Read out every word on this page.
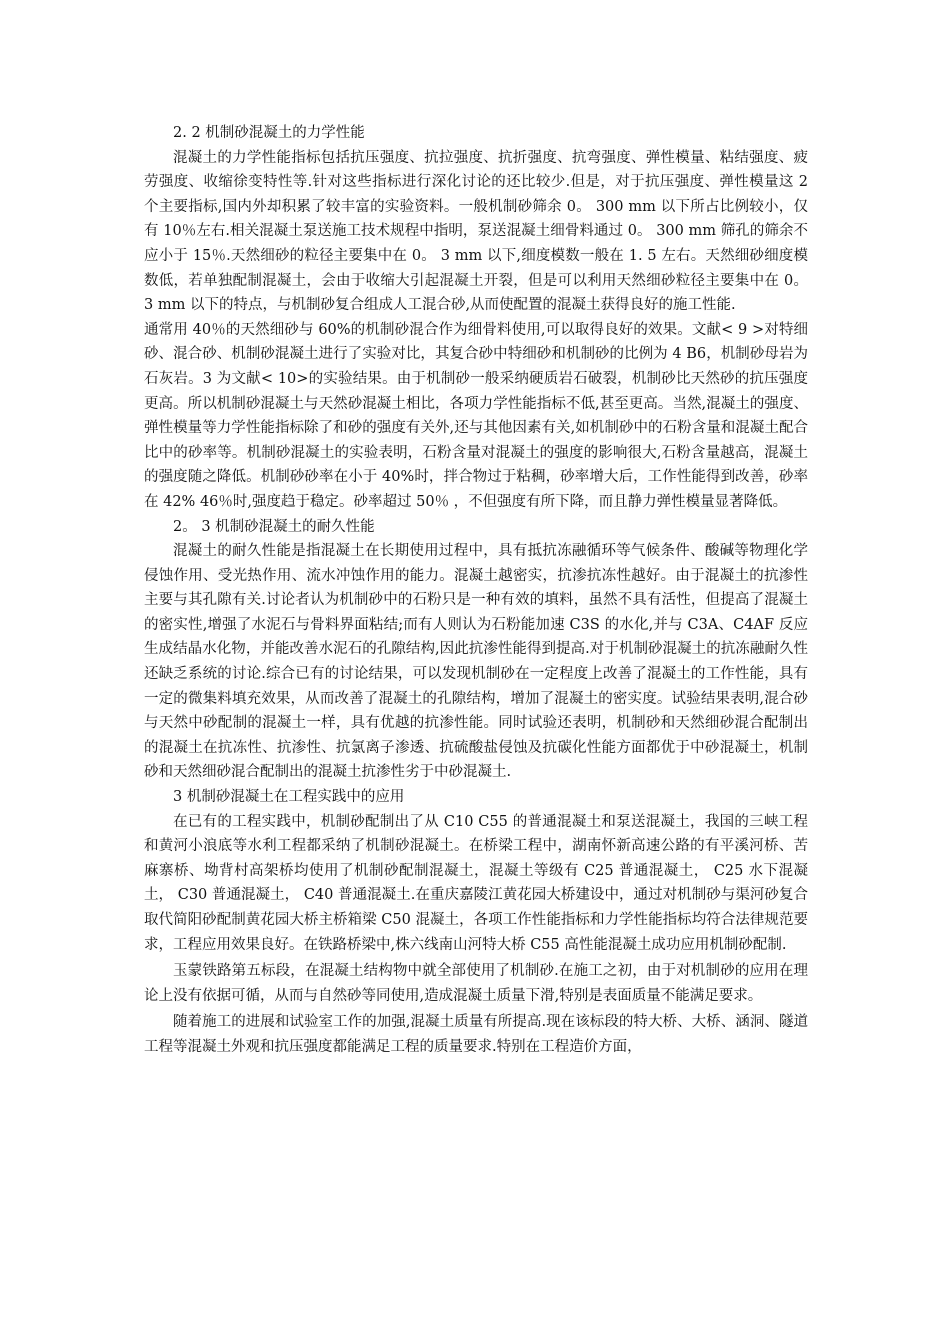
2. 2 机制砂混凝土的力学性能

混凝土的力学性能指标包括抗压强度、抗拉强度、抗折强度、抗弯强度、弹性模量、粘结强度、疲劳强度、收缩徐变特性等.针对这些指标进行深化讨论的还比较少.但是，对于抗压强度、弹性模量这 2 个主要指标,国内外却积累了较丰富的实验资料。一般机制砂筛余 0。 300 mm 以下所占比例较小，仅有 10％左右.相关混凝土泵送施工技术规程中指明，泵送混凝土细骨料通过 0。 300 mm 筛孔的筛余不应小于 15％.天然细砂的粒径主要集中在 0。 3 mm 以下,细度模数一般在 1. 5 左右。天然细砂细度模数低，若单独配制混凝土，会由于收缩大引起混凝土开裂，但是可以利用天然细砂粒径主要集中在 0。 3 mm 以下的特点，与机制砂复合组成人工混合砂,从而使配置的混凝土获得良好的施工性能.

通常用 40％的天然细砂与 60%的机制砂混合作为细骨料使用,可以取得良好的效果。文献< 9 >对特细砂、混合砂、机制砂混凝土进行了实验对比，其复合砂中特细砂和机制砂的比例为 4 B6，机制砂母岩为石灰岩。3 为文献< 10>的实验结果。由于机制砂一般采纳硬质岩石破裂，机制砂比天然砂的抗压强度更高。所以机制砂混凝土与天然砂混凝土相比，各项力学性能指标不低,甚至更高。当然,混凝土的强度、弹性模量等力学性能指标除了和砂的强度有关外,还与其他因素有关,如机制砂中的石粉含量和混凝土配合比中的砂率等。机制砂混凝土的实验表明，石粉含量对混凝土的强度的影响很大,石粉含量越高，混凝土的强度随之降低。机制砂砂率在小于 40%时，拌合物过于粘稠，砂率增大后，工作性能得到改善，砂率在 42% 46％时,强度趋于稳定。砂率超过 50％ ，不但强度有所下降，而且静力弹性模量显著降低。

2。 3 机制砂混凝土的耐久性能

混凝土的耐久性能是指混凝土在长期使用过程中，具有抵抗冻融循环等气候条件、酸碱等物理化学侵蚀作用、受光热作用、流水冲蚀作用的能力。混凝土越密实，抗渗抗冻性越好。由于混凝土的抗渗性主要与其孔隙有关.讨论者认为机制砂中的石粉只是一种有效的填料，虽然不具有活性，但提高了混凝土的密实性,增强了水泥石与骨料界面粘结;而有人则认为石粉能加速 C3S 的水化,并与 C3A、C4AF 反应生成结晶水化物，并能改善水泥石的孔隙结构,因此抗渗性能得到提高.对于机制砂混凝土的抗冻融耐久性还缺乏系统的讨论.综合已有的讨论结果，可以发现机制砂在一定程度上改善了混凝土的工作性能，具有一定的微集料填充效果，从而改善了混凝土的孔隙结构，增加了混凝土的密实度。试验结果表明,混合砂与天然中砂配制的混凝土一样，具有优越的抗渗性能。同时试验还表明，机制砂和天然细砂混合配制出的混凝土在抗冻性、抗渗性、抗氯离子渗透、抗硫酸盐侵蚀及抗碳化性能方面都优于中砂混凝土，机制砂和天然细砂混合配制出的混凝土抗渗性劣于中砂混凝土.

3 机制砂混凝土在工程实践中的应用

在已有的工程实践中，机制砂配制出了从 C10 C55 的普通混凝土和泵送混凝土，我国的三峡工程和黄河小浪底等水利工程都采纳了机制砂混凝土。在桥梁工程中，湖南怀新高速公路的有平溪河桥、苦麻寨桥、坳背村高架桥均使用了机制砂配制混凝土，混凝土等级有 C25 普通混凝土， C25 水下混凝土， C30 普通混凝土， C40 普通混凝土.在重庆嘉陵江黄花园大桥建设中，通过对机制砂与渠河砂复合取代简阳砂配制黄花园大桥主桥箱梁 C50 混凝土，各项工作性能指标和力学性能指标均符合法律规范要求，工程应用效果良好。在铁路桥梁中,株六线南山河特大桥 C55 高性能混凝土成功应用机制砂配制.

玉蒙铁路第五标段，在混凝土结构物中就全部使用了机制砂.在施工之初，由于对机制砂的应用在理论上没有依据可循，从而与自然砂等同使用,造成混凝土质量下滑,特别是表面质量不能满足要求。

随着施工的进展和试验室工作的加强,混凝土质量有所提高.现在该标段的特大桥、大桥、涵洞、隧道工程等混凝土外观和抗压强度都能满足工程的质量要求.特别在工程造价方面，
